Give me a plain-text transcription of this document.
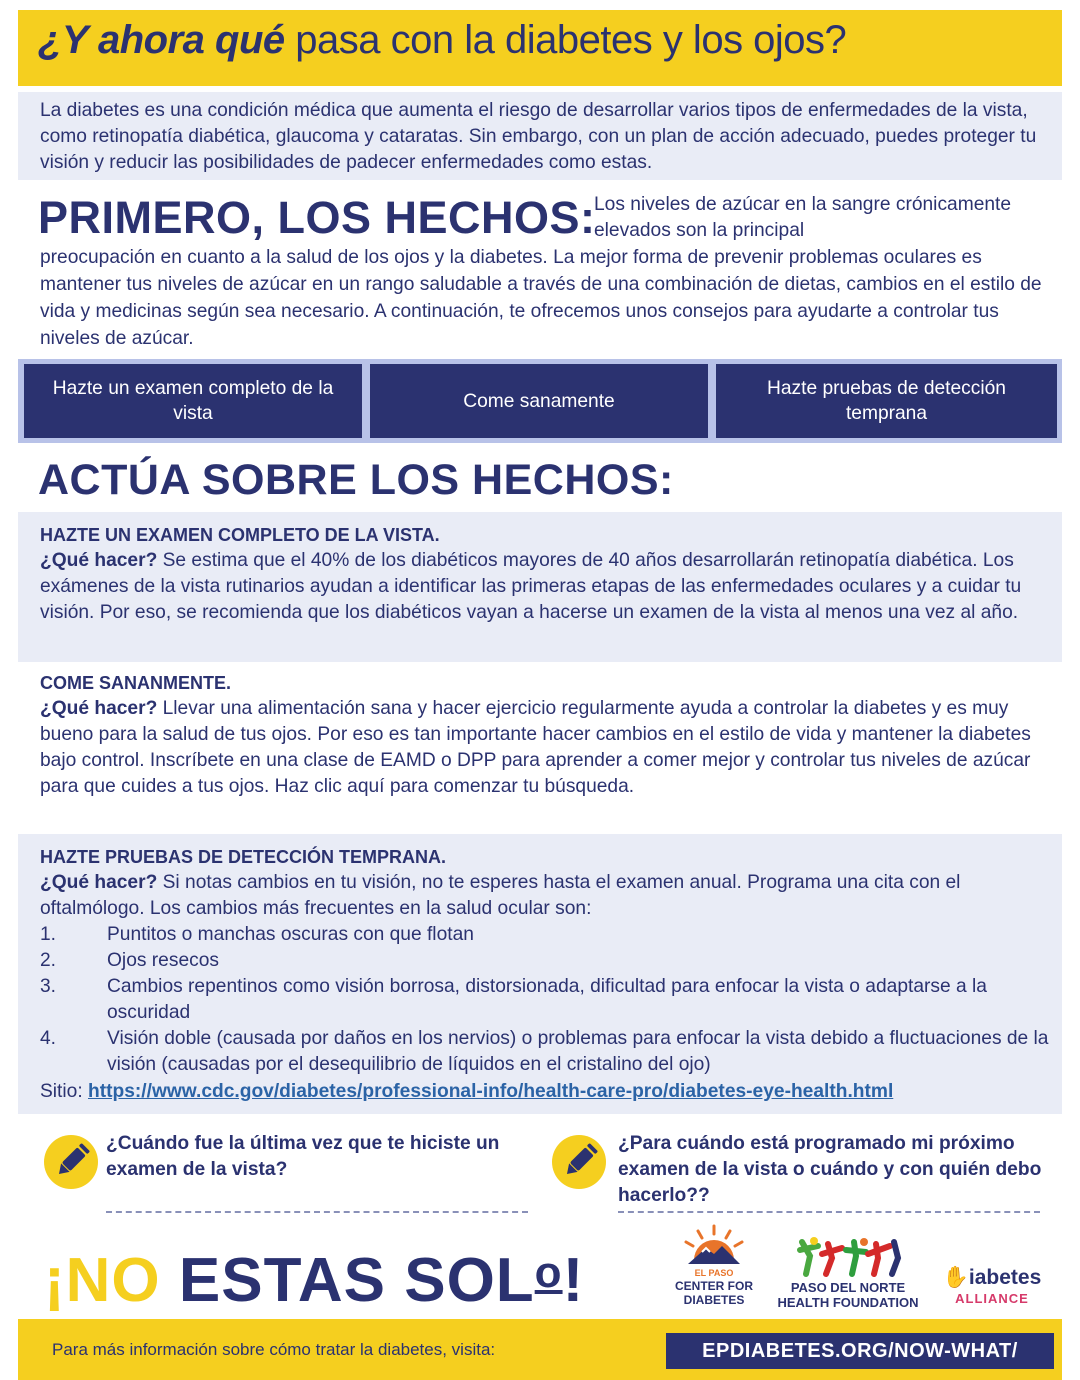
¿Y ahora qué pasa con la diabetes y los ojos?

La diabetes es una condición médica que aumenta el riesgo de desarrollar varios tipos de enfermedades de la vista, como retinopatía diabética, glaucoma y cataratas. Sin embargo, con un plan de acción adecuado, puedes proteger tu visión y reducir las posibilidades de padecer enfermedades como estas.

PRIMERO, LOS HECHOS:

Los niveles de azúcar en la sangre crónicamente elevados son la principal

preocupación en cuanto a la salud de los ojos y la diabetes. La mejor forma de prevenir problemas oculares es mantener tus niveles de azúcar en un rango saludable a través de una combinación de dietas, cambios en el estilo de vida y medicinas según sea necesario. A continuación, te ofrecemos unos consejos para ayudarte a controlar tus niveles de azúcar.

Hazte un examen completo de la vista
Come sanamente
Hazte pruebas de detección temprana
ACTÚA SOBRE LOS HECHOS:
HAZTE UN EXAMEN COMPLETO DE LA VISTA.

¿Qué hacer? Se estima que el 40% de los diabéticos mayores de 40 años desarrollarán retinopatía diabética. Los exámenes de la vista rutinarios ayudan a identificar las primeras etapas de las enfermedades oculares y a cuidar tu visión. Por eso, se recomienda que los diabéticos vayan a hacerse un examen de la vista al menos una vez al año.

COME SANANMENTE.

¿Qué hacer? Llevar una alimentación sana y hacer ejercicio regularmente ayuda a controlar la diabetes y es muy bueno para la salud de tus ojos. Por eso es tan importante hacer cambios en el estilo de vida y mantener la diabetes bajo control. Inscríbete en una clase de EAMD o DPP para aprender a comer mejor y controlar tus niveles de azúcar para que cuides a tus ojos. Haz clic aquí para comenzar tu búsqueda.

HAZTE PRUEBAS DE DETECCIÓN TEMPRANA.

¿Qué hacer? Si notas cambios en tu visión, no te esperes hasta el examen anual. Programa una cita con el oftalmólogo. Los cambios más frecuentes en la salud ocular son:

1.	Puntitos o manchas oscuras con que flotan
2.	Ojos resecos
3.	Cambios repentinos como visión borrosa, distorsionada, dificultad para enfocar la vista o adaptarse a la oscuridad
4.	Visión doble (causada por daños en los nervios) o problemas para enfocar la vista debido a fluctuaciones de la visión (causadas por el desequilibrio de líquidos en el cristalino del ojo)
Sitio: https://www.cdc.gov/diabetes/professional-info/health-care-pro/diabetes-eye-health.html

¿Cuándo fue la última vez que te hiciste un examen de la vista?

¿Para cuándo está programado mi próximo examen de la vista o cuándo y con quién debo hacerlo??

¡NO ESTAS SOL$^o$!	EL PASO
CENTER FOR
DIABETES
PASO DEL NORTE
HEALTH FOUNDATION
✋iabetes
ALLIANCE
Para más información sobre cómo tratar la diabetes, visita:	EPDIABETES.ORG/NOW-WHAT/
